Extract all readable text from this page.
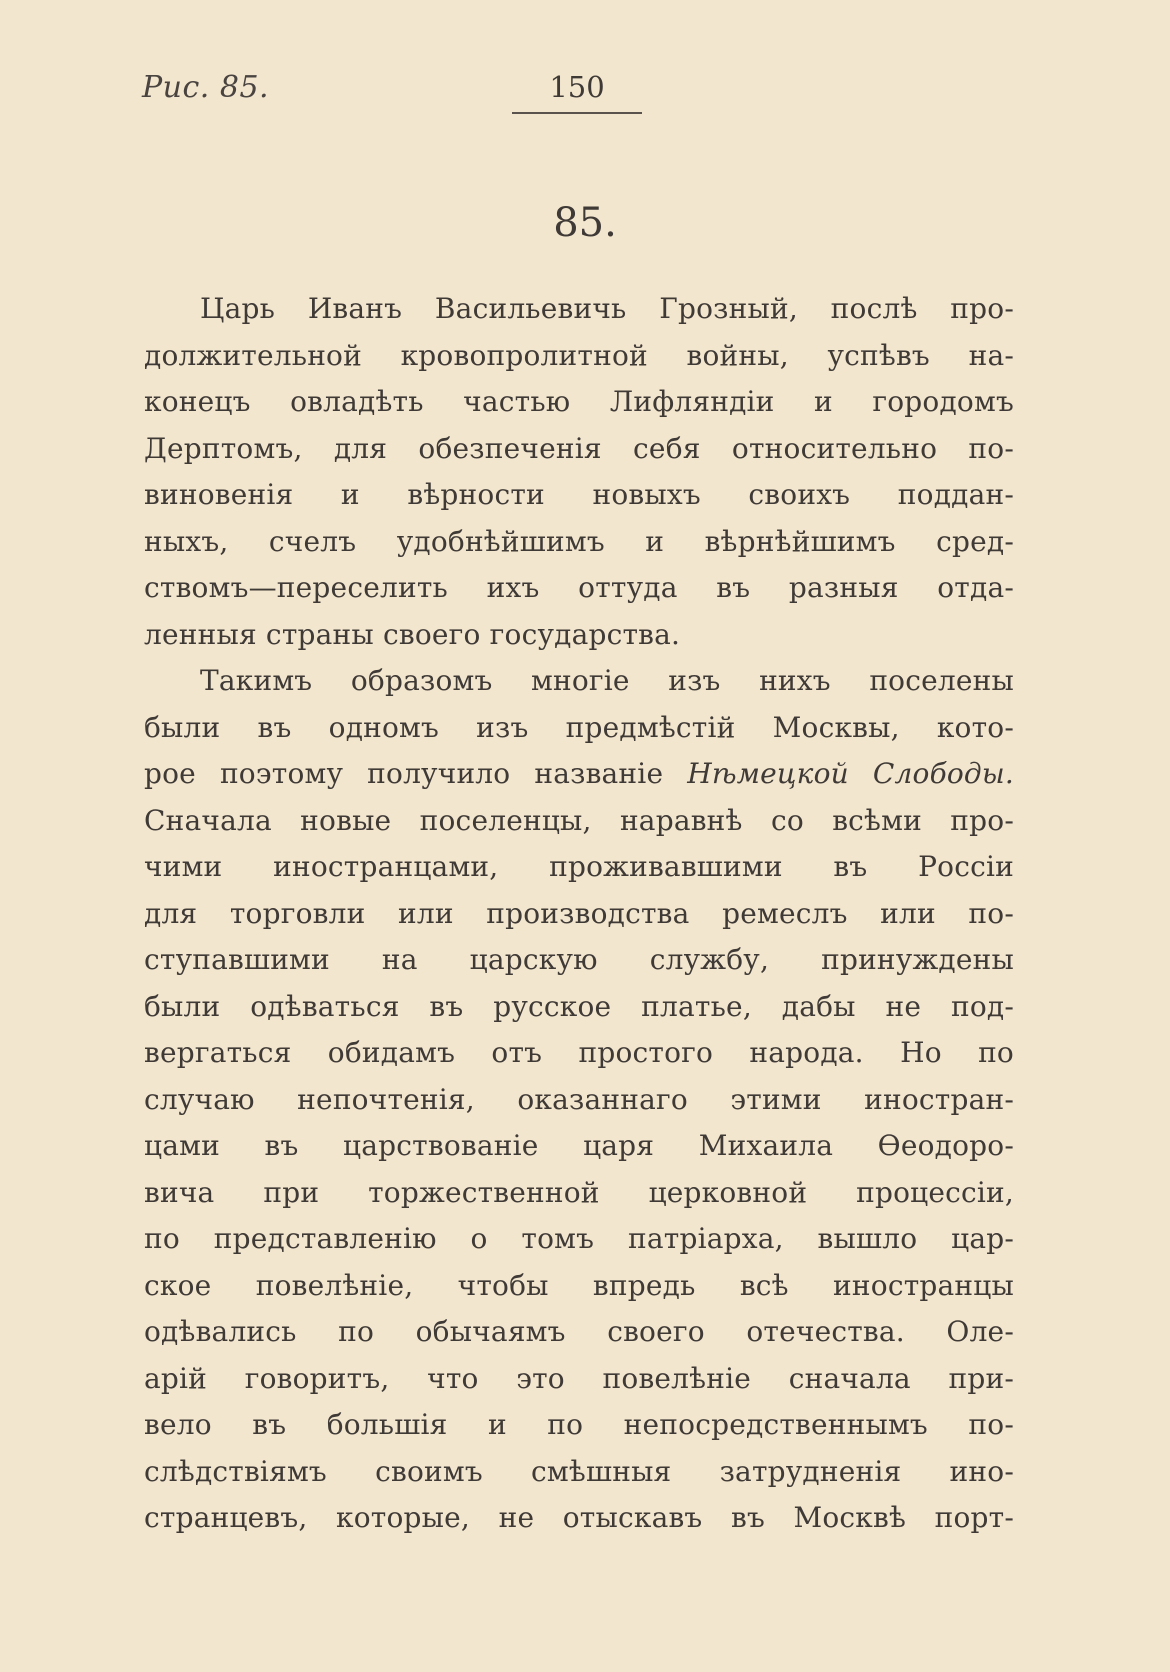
Рис. 85.	150
85.
Царь Иванъ Васильевичь Грозный, послѣ про-
должительной кровопролитной войны, успѣвъ на-
конецъ овладѣть частью Лифляндіи и городомъ
Дерптомъ, для обезпеченія себя относительно по-
виновенія и вѣрности новыхъ своихъ поддан-
ныхъ, счелъ удобнѣйшимъ и вѣрнѣйшимъ сред-
ствомъ—переселить ихъ оттуда въ разныя отда-
ленныя страны своего государства.
Такимъ образомъ многіе изъ нихъ поселены
были въ одномъ изъ предмѣстій Москвы, кото-
рое поэтому получило названіе Нѣмецкой Слободы.
Сначала новые поселенцы, наравнѣ со всѣми про-
чими иностранцами, проживавшими въ Россіи
для торговли или производства ремеслъ или по-
ступавшими на царскую службу, принуждены
были одѣваться въ русское платье, дабы не под-
вергаться обидамъ отъ простого народа. Но по
случаю непочтенія, оказаннаго этими иностран-
цами въ царствованіе царя Михаила Ѳеодоро-
вича при торжественной церковной процессіи,
по представленію о томъ патріарха, вышло цар-
ское повелѣніе, чтобы впредь всѣ иностранцы
одѣвались по обычаямъ своего отечества. Оле-
арій говоритъ, что это повелѣніе сначала при-
вело въ большія и по непосредственнымъ по-
слѣдствіямъ своимъ смѣшныя затрудненія ино-
странцевъ, которые, не отыскавъ въ Москвѣ порт-
